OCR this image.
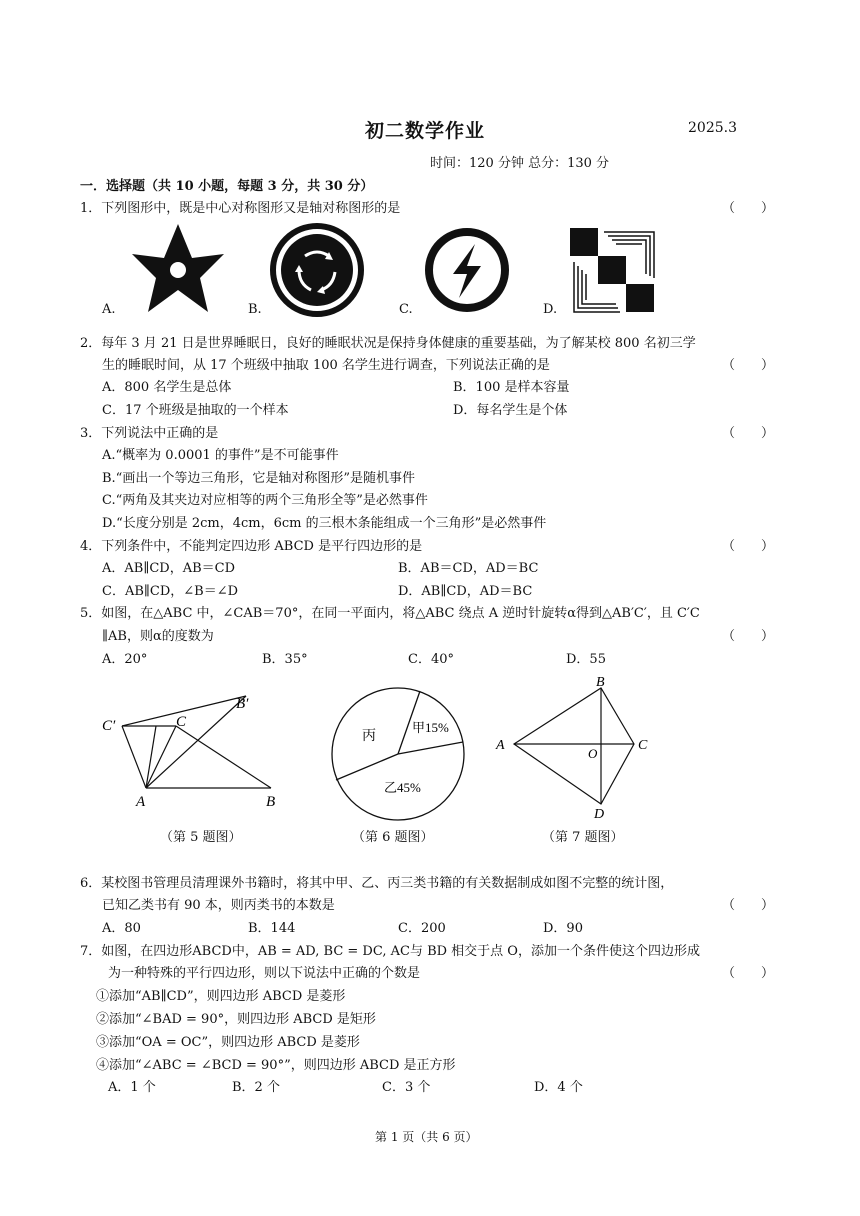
初二数学作业	2025.3
时间：120 分钟 总分：130 分
一．选择题（共 10 小题，每题 3 分，共 30 分）
1．下列图形中，既是中心对称图形又是轴对称图形的是	（　　）
A.	B.	C.	D.
2．每年 3 月 21 日是世界睡眠日，良好的睡眠状况是保持身体健康的重要基础，为了解某校 800 名初三学
生的睡眠时间，从 17 个班级中抽取 100 名学生进行调查，下列说法正确的是	（　　）
A．800 名学生是总体	B．100 是样本容量
C．17 个班级是抽取的一个样本	D．每名学生是个体
3．下列说法中正确的是	（　　）
A.“概率为 0.0001 的事件”是不可能事件
B.“画出一个等边三角形，它是轴对称图形”是随机事件
C.“两角及其夹边对应相等的两个三角形全等”是必然事件
D.“长度分别是 2cm，4cm，6cm 的三根木条能组成一个三角形”是必然事件
4．下列条件中，不能判定四边形 ABCD 是平行四边形的是	（　　）
A．AB∥CD，AB＝CD	B．AB＝CD，AD＝BC
C．AB∥CD，∠B＝∠D	D．AB∥CD，AD＝BC
5．如图，在△ABC 中，∠CAB＝70°，在同一平面内，将△ABC 绕点 A 逆时针旋转α得到△AB′C′，且 C′C
∥AB，则α的度数为	（　　）
A．20°	B．35°	C．40°	D．55
C′	C
B′
A	B
丙
甲15%
乙45%
A
B
C
D
O
（第 5 题图）	（第 6 题图）	（第 7 题图）
6．某校图书管理员清理课外书籍时，将其中甲、乙、丙三类书籍的有关数据制成如图不完整的统计图，
已知乙类书有 90 本，则丙类书的本数是	（　　）
A．80	B．144	C．200	D．90
7．如图，在四边形ABCD中，AB = AD, BC = DC, AC与 BD 相交于点 O，添加一个条件使这个四边形成
为一种特殊的平行四边形，则以下说法中正确的个数是	（　　）
①添加“AB∥CD”，则四边形 ABCD 是菱形
②添加“∠BAD = 90°，则四边形 ABCD 是矩形
③添加“OA = OC”，则四边形 ABCD 是菱形
④添加“∠ABC = ∠BCD = 90°”，则四边形 ABCD 是正方形
A．1 个	B．2 个	C．3 个	D．4 个
第 1 页（共 6 页）
